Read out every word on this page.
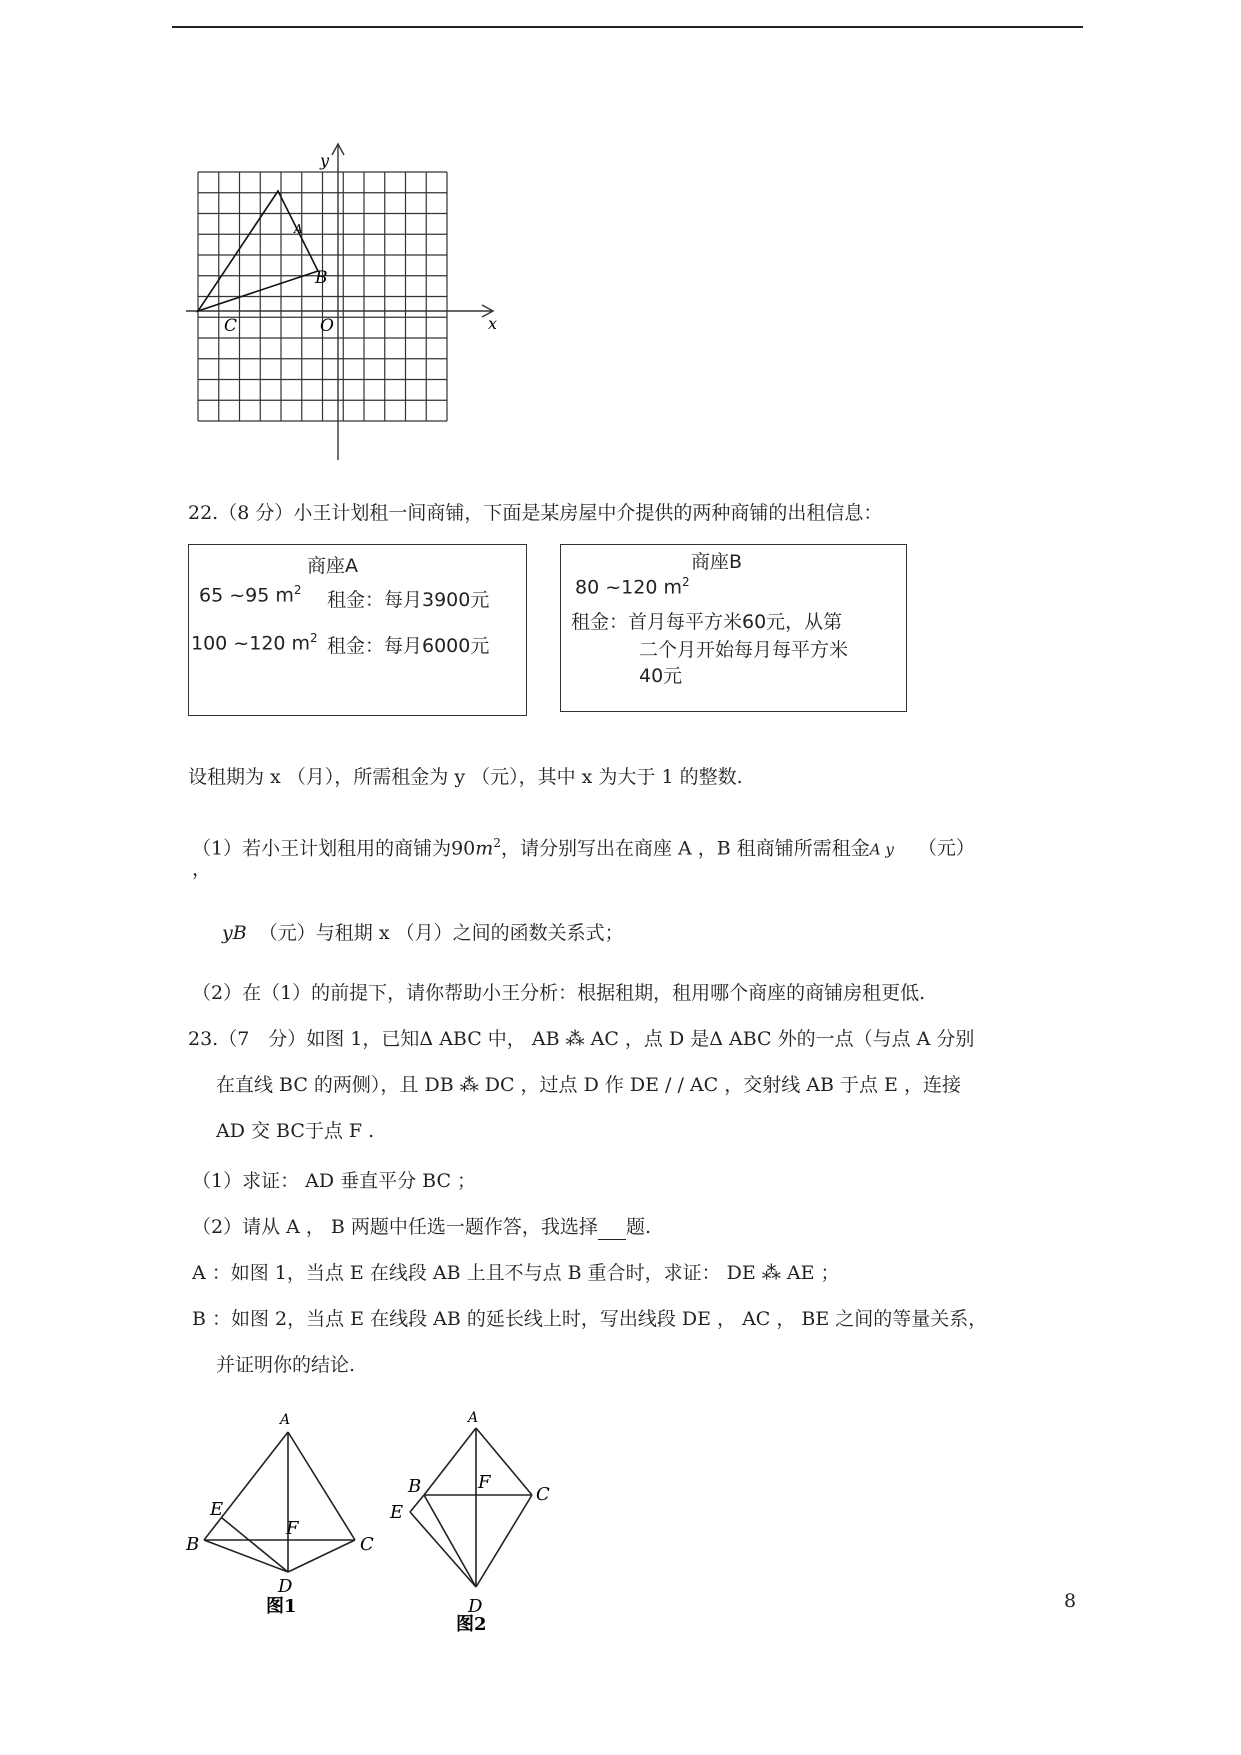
y
x
A
B
C	O
22.（8 分）小王计划租一间商铺，下面是某房屋中介提供的两种商铺的出租信息：
商座A
65 ~95 $m^2$ 租金：每月3900元
100 ~120 $m^2$ 租金：每月6000元
商座B
80 ~120 $m^2$
租金：首月每平方米60元，从第
二个月开始每月每平方米
40元
设租期为 x （月），所需租金为 y （元），其中 x 为大于 1 的整数.
（1）若小王计划租用的商铺为$90m^2$，请分别写出在商座 A ，B 租商铺所需租金A y （元）
，
yB （元）与租期 x （月）之间的函数关系式；
（2）在（1）的前提下，请你帮助小王分析：根据租期，租用哪个商座的商铺房租更低.
23.（7　分）如图 1，已知Δ ABC 中， AB ⁂ AC ，点 D 是Δ ABC 外的一点（与点 A 分别
在直线 BC 的两侧），且 DB ⁂ DC ，过点 D 作 DE / / AC ，交射线 AB 于点 E ，连接
AD 交 BC于点 F .
（1）求证： AD 垂直平分 BC ；
（2）请从 A ， B 两题中任选一题作答，我选择 题.
A ：如图 1，当点 E 在线段 AB 上且不与点 B 重合时，求证： DE ⁂ AE ；
B ：如图 2，当点 E 在线段 AB 的延长线上时，写出线段 DE ， AC ， BE 之间的等量关系，
并证明你的结论.
A
E
B
F
C
D
图1
A
B	F
C
E
D
图2
8
